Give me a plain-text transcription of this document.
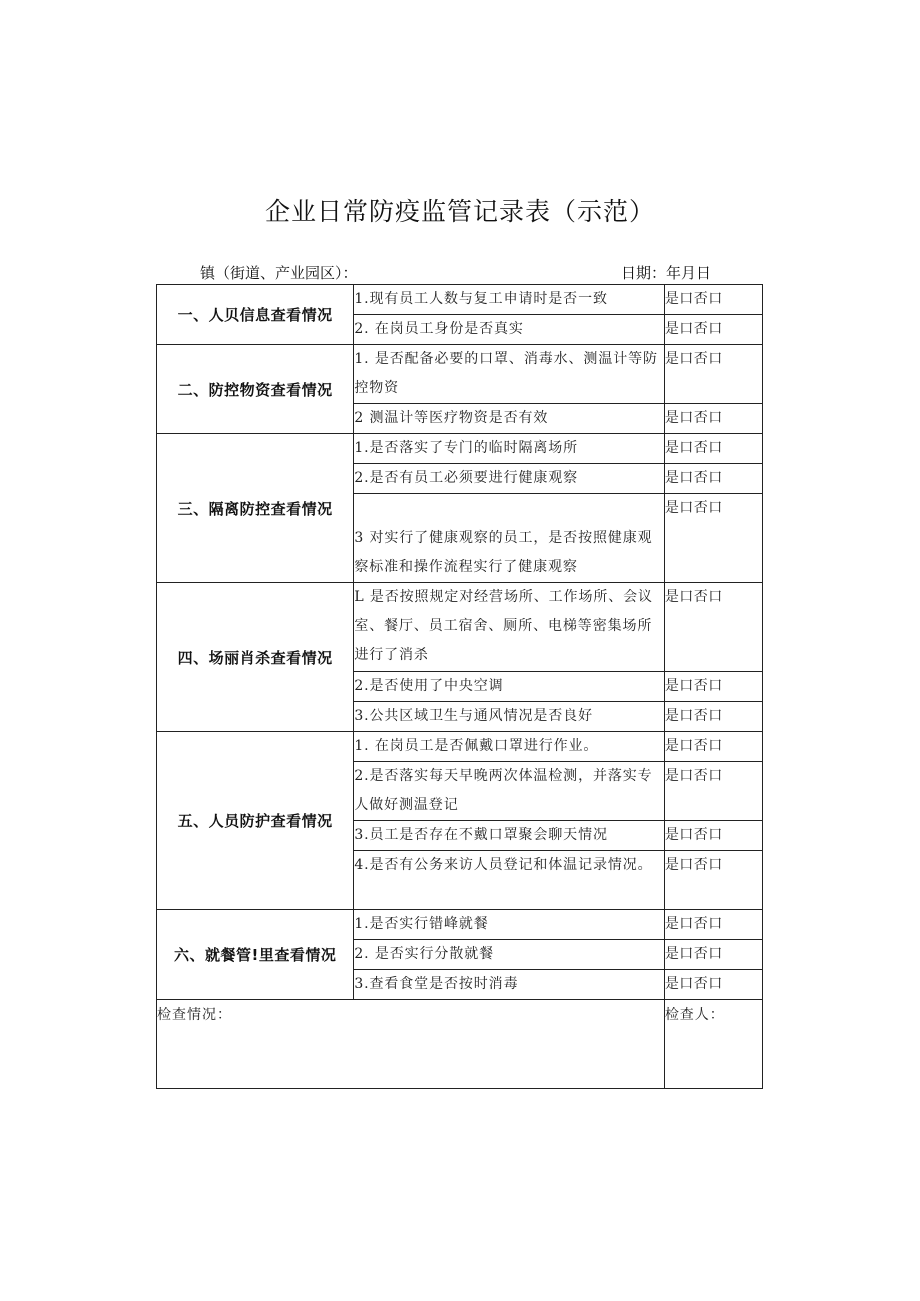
企业日常防疫监管记录表（示范）
镇（街道、产业园区）：	日期：年月日
一、人贝信息查看情况	1.现有员工人数与复工申请时是否一致	是口否口
	2. 在岗员工身份是否真实	是口否口
二、防控物资查看情况	1. 是否配备必要的口罩、消毒水、测温计等防控物资	是口否口
	2 测温计等医疗物资是否有效	是口否口
三、隔离防控查看情况	1.是否落实了专门的临时隔离场所	是口否口
	2.是否有员工必须要进行健康观察	是口否口
	3 对实行了健康观察的员工，是否按照健康观察标准和操作流程实行了健康观察	是口否口
四、场丽肖杀查看情况	L 是否按照规定对经营场所、工作场所、会议室、餐厅、员工宿舍、厕所、电梯等密集场所进行了消杀	是口否口
	2.是否使用了中央空调	是口否口
	3.公共区域卫生与通风情况是否良好	是口否口
五、人员防护查看情况	1. 在岗员工是否佩戴口罩进行作业。	是口否口
	2.是否落实每天早晚两次体温检测，并落实专人做好测温登记	是口否口
	3.员工是否存在不戴口罩聚会聊天情况	是口否口
	4.是否有公务来访人员登记和体温记录情况。	是口否口
六、就餐管!里查看情况	1.是否实行错峰就餐	是口否口
	2. 是否实行分散就餐	是口否口
	3.查看食堂是否按时消毒	是口否口
检查情况：		检查人：
